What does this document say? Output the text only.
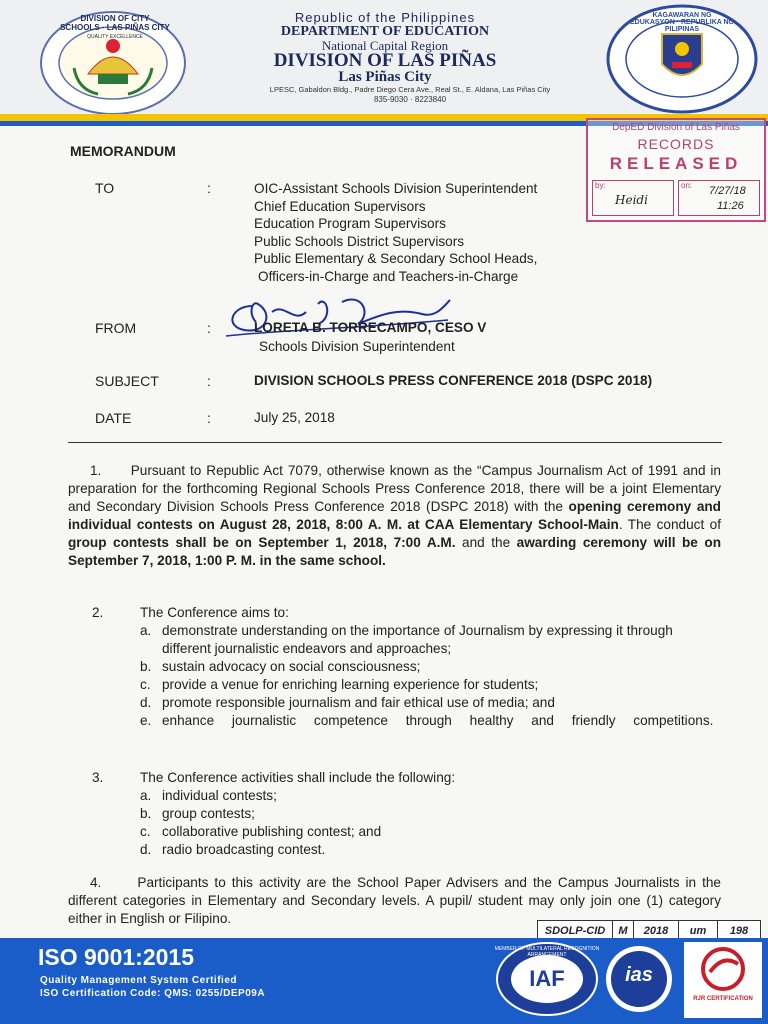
DIVISION OF CITY SCHOOLS · LAS PIÑAS CITY
QUALITY EXCELLENCE
Republic of the Philippines
DEPARTMENT OF EDUCATION
National Capital Region
DIVISION OF LAS PIÑAS
Las Piñas City
LPESC, Gabaldon Bldg., Padre Diego Cera Ave., Real St., E. Aldana, Las Piñas City
835-9030 · 8223840
KAGAWARAN NG EDUKASYON · REPUBLIKA NG PILIPINAS
DepED Division of Las Piñas
RECORDS
RELEASED
by:
Heidi
on: 7/27/18
11:26
MEMORANDUM
TO	:	OIC-Assistant Schools Division Superintendent
Chief Education Supervisors
Education Program Supervisors
Public Schools District Supervisors
Public Elementary & Secondary School Heads,
Officers-in-Charge and Teachers-in-Charge
FROM	:	LORETA B. TORRECAMPO, CESO V
Schools Division Superintendent
SUBJECT	:	DIVISION SCHOOLS PRESS CONFERENCE 2018 (DSPC 2018)
DATE	:	July 25, 2018
1. Pursuant to Republic Act 7079, otherwise known as the “Campus Journalism Act of 1991 and in preparation for the forthcoming Regional Schools Press Conference 2018, there will be a joint Elementary and Secondary Division Schools Press Conference 2018 (DSPC 2018) with the opening ceremony and individual contests on August 28, 2018, 8:00 A. M. at CAA Elementary School-Main. The conduct of group contests shall be on September 1, 2018, 7:00 A.M. and the awarding ceremony will be on September 7, 2018, 1:00 P. M. in the same school.
2.	The Conference aims to:
a. demonstrate understanding on the importance of Journalism by expressing it through different journalistic endeavors and approaches;
b. sustain advocacy on social consciousness;
c. provide a venue for enriching learning experience for students;
d. promote responsible journalism and fair ethical use of media; and
e. enhance journalistic competence through healthy and friendly competitions.
3.	The Conference activities shall include the following:
a. individual contests;
b. group contests;
c. collaborative publishing contest; and
d. radio broadcasting contest.
4.	Participants to this activity are the School Paper Advisers and the Campus Journalists in the different categories in Elementary and Secondary levels. A pupil/ student may only join one (1) category either in English or Filipino.
SDOLP-CID	M	2018	um	198
ISO 9001:2015
Quality Management System Certified
ISO Certification Code: QMS: 0255/DEP09A
MEMBER OF MULTILATERAL RECOGNITION ARRANGEMENT
IAF	ias
RJR CERTIFICATION
